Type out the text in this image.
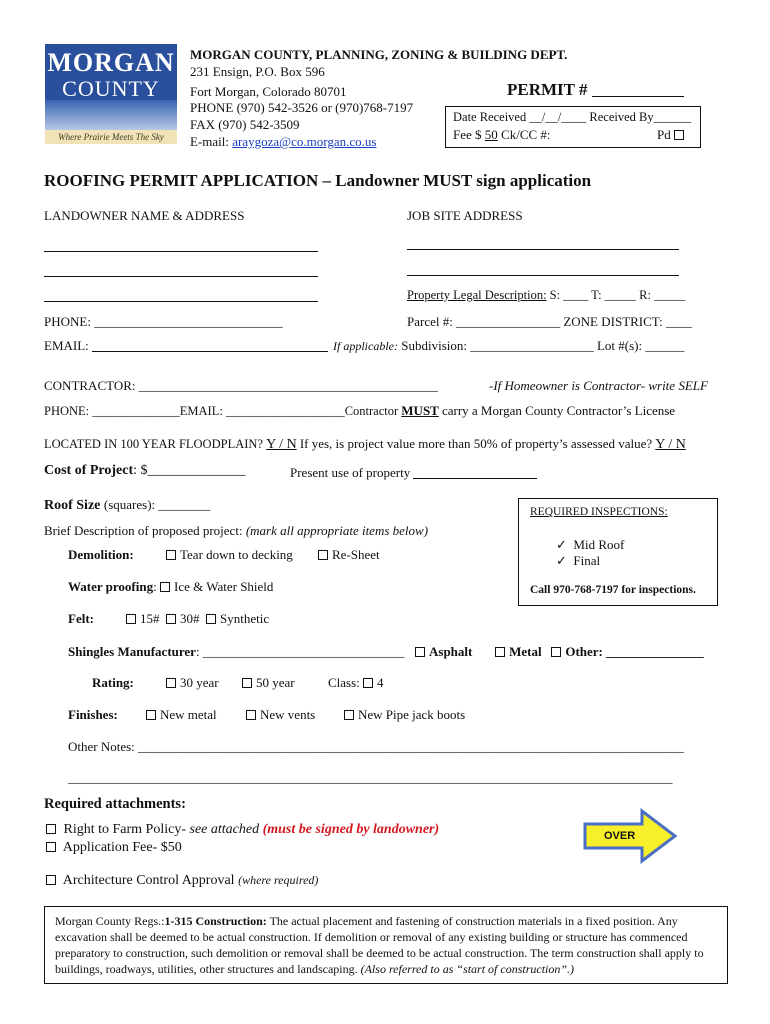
MORGAN
COUNTY
Where Prairie Meets The Sky
MORGAN COUNTY, PLANNING, ZONING & BUILDING DEPT.
231 Ensign, P.O. Box 596
Fort Morgan, Colorado 80701
PHONE (970) 542-3526 or (970)768-7197
FAX (970) 542-3509
E-mail: araygoza@co.morgan.co.us
PERMIT #
Date Received __/__/____ Received By______
Fee $ 50 Ck/CC #:	Pd
ROOFING PERMIT APPLICATION – Landowner MUST sign application
LANDOWNER NAME & ADDRESS	JOB SITE ADDRESS
Property Legal Description: S: ____ T: _____ R: _____
PHONE: _____________________________	Parcel #: ________________ ZONE DISTRICT: ____
EMAIL:	If applicable: Subdivision: ___________________ Lot #(s): ______
CONTRACTOR: ______________________________________________	-If Homeowner is Contractor- write SELF
PHONE: ______________EMAIL: ___________________Contractor MUST carry a Morgan County Contractor’s License
LOCATED IN 100 YEAR FLOODPLAIN? Y / N If yes, is project value more than 50% of property’s assessed value? Y / N
Cost of Project: $______________	Present use of property
Roof Size (squares): ________	REQUIRED INSPECTIONS:
✓ Mid Roof
✓ Final
Call 970-768-7197 for inspections.
Brief Description of proposed project: (mark all appropriate items below)
Demolition:	Tear down to decking	Re-Sheet
Water proofing: Ice & Water Shield
Felt:	15# 30# Synthetic
Shingles Manufacturer: _______________________________	Asphalt	Metal Other: _______________
Rating:	30 year	50 year	Class: 4
Finishes:	New metal	New vents	New Pipe jack boots
Other Notes: ____________________________________________________________________________________
_____________________________________________________________________________________________
Required attachments:
Right to Farm Policy- see attached (must be signed by landowner)
Application Fee- $50
Architecture Control Approval (where required)
OVER
Morgan County Regs.:1-315 Construction: The actual placement and fastening of construction materials in a fixed position. Any excavation shall be deemed to be actual construction. If demolition or removal of any existing building or structure has commenced preparatory to construction, such demolition or removal shall be deemed to be actual construction. The term construction shall apply to buildings, roadways, utilities, other structures and landscaping. (Also referred to as “start of construction”.)
